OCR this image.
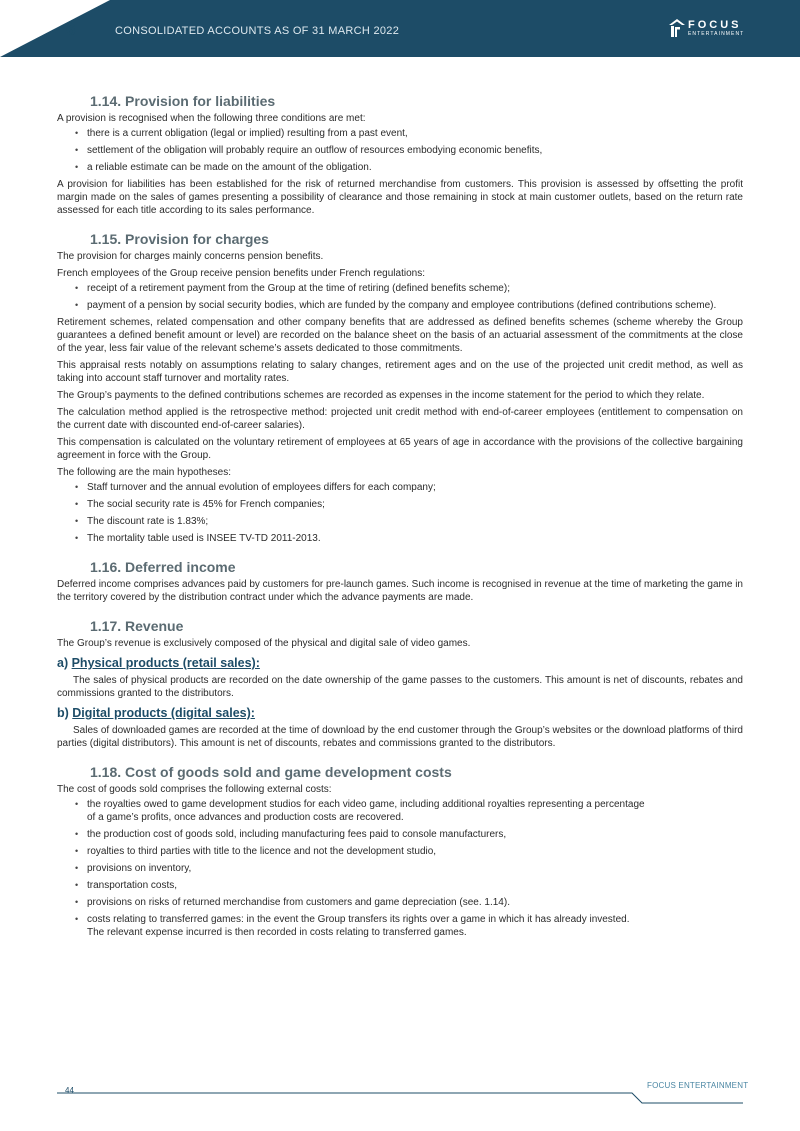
6	CONSOLIDATED ACCOUNTS AS OF 31 MARCH 2022	FOCUS
ENTERTAINMENT
1.14. Provision for liabilities

A provision is recognised when the following three conditions are met:

• there is a current obligation (legal or implied) resulting from a past event,
• settlement of the obligation will probably require an outflow of resources embodying economic benefits,
• a reliable estimate can be made on the amount of the obligation.

A provision for liabilities has been established for the risk of returned merchandise from customers. This provision is assessed by offsetting the profit margin made on the sales of games presenting a possibility of clearance and those remaining in stock at main customer outlets, based on the return rate assessed for each title according to its sales performance.

1.15. Provision for charges

The provision for charges mainly concerns pension benefits.

French employees of the Group receive pension benefits under French regulations:

• receipt of a retirement payment from the Group at the time of retiring (defined benefits scheme);
• payment of a pension by social security bodies, which are funded by the company and employee contributions (defined contributions scheme).

Retirement schemes, related compensation and other company benefits that are addressed as defined benefits schemes (scheme whereby the Group guarantees a defined benefit amount or level) are recorded on the balance sheet on the basis of an actuarial assessment of the commitments at the close of the year, less fair value of the relevant scheme’s assets dedicated to those commitments.

This appraisal rests notably on assumptions relating to salary changes, retirement ages and on the use of the projected unit credit method, as well as taking into account staff turnover and mortality rates.

The Group’s payments to the defined contributions schemes are recorded as expenses in the income statement for the period to which they relate.

The calculation method applied is the retrospective method: projected unit credit method with end-of-career employees (entitlement to compensation on the current date with discounted end-of-career salaries).

This compensation is calculated on the voluntary retirement of employees at 65 years of age in accordance with the provisions of the collective bargaining agreement in force with the Group.

The following are the main hypotheses:

• Staff turnover and the annual evolution of employees differs for each company;
• The social security rate is 45% for French companies;
• The discount rate is 1.83%;
• The mortality table used is INSEE TV-TD 2011-2013.
1.16. Deferred income

Deferred income comprises advances paid by customers for pre-launch games. Such income is recognised in revenue at the time of marketing the game in the territory covered by the distribution contract under which the advance payments are made.

1.17. Revenue

The Group’s revenue is exclusively composed of the physical and digital sale of video games.

a) Physical products (retail sales):

The sales of physical products are recorded on the date ownership of the game passes to the customers. This amount is net of discounts, rebates and commissions granted to the distributors.

b) Digital products (digital sales):

Sales of downloaded games are recorded at the time of download by the end customer through the Group’s websites or the download platforms of third parties (digital distributors). This amount is net of discounts, rebates and commissions granted to the distributors.

1.18. Cost of goods sold and game development costs

The cost of goods sold comprises the following external costs:

• the royalties owed to game development studios for each video game, including additional royalties representing a percentage
of a game’s profits, once advances and production costs are recovered.
• the production cost of goods sold, including manufacturing fees paid to console manufacturers,
• royalties to third parties with title to the licence and not the development studio,
• provisions on inventory,
• transportation costs,
• provisions on risks of returned merchandise from customers and game depreciation (see. 1.14).
• costs relating to transferred games: in the event the Group transfers its rights over a game in which it has already invested.
The relevant expense incurred is then recorded in costs relating to transferred games.
44
FOCUS ENTERTAINMENT
